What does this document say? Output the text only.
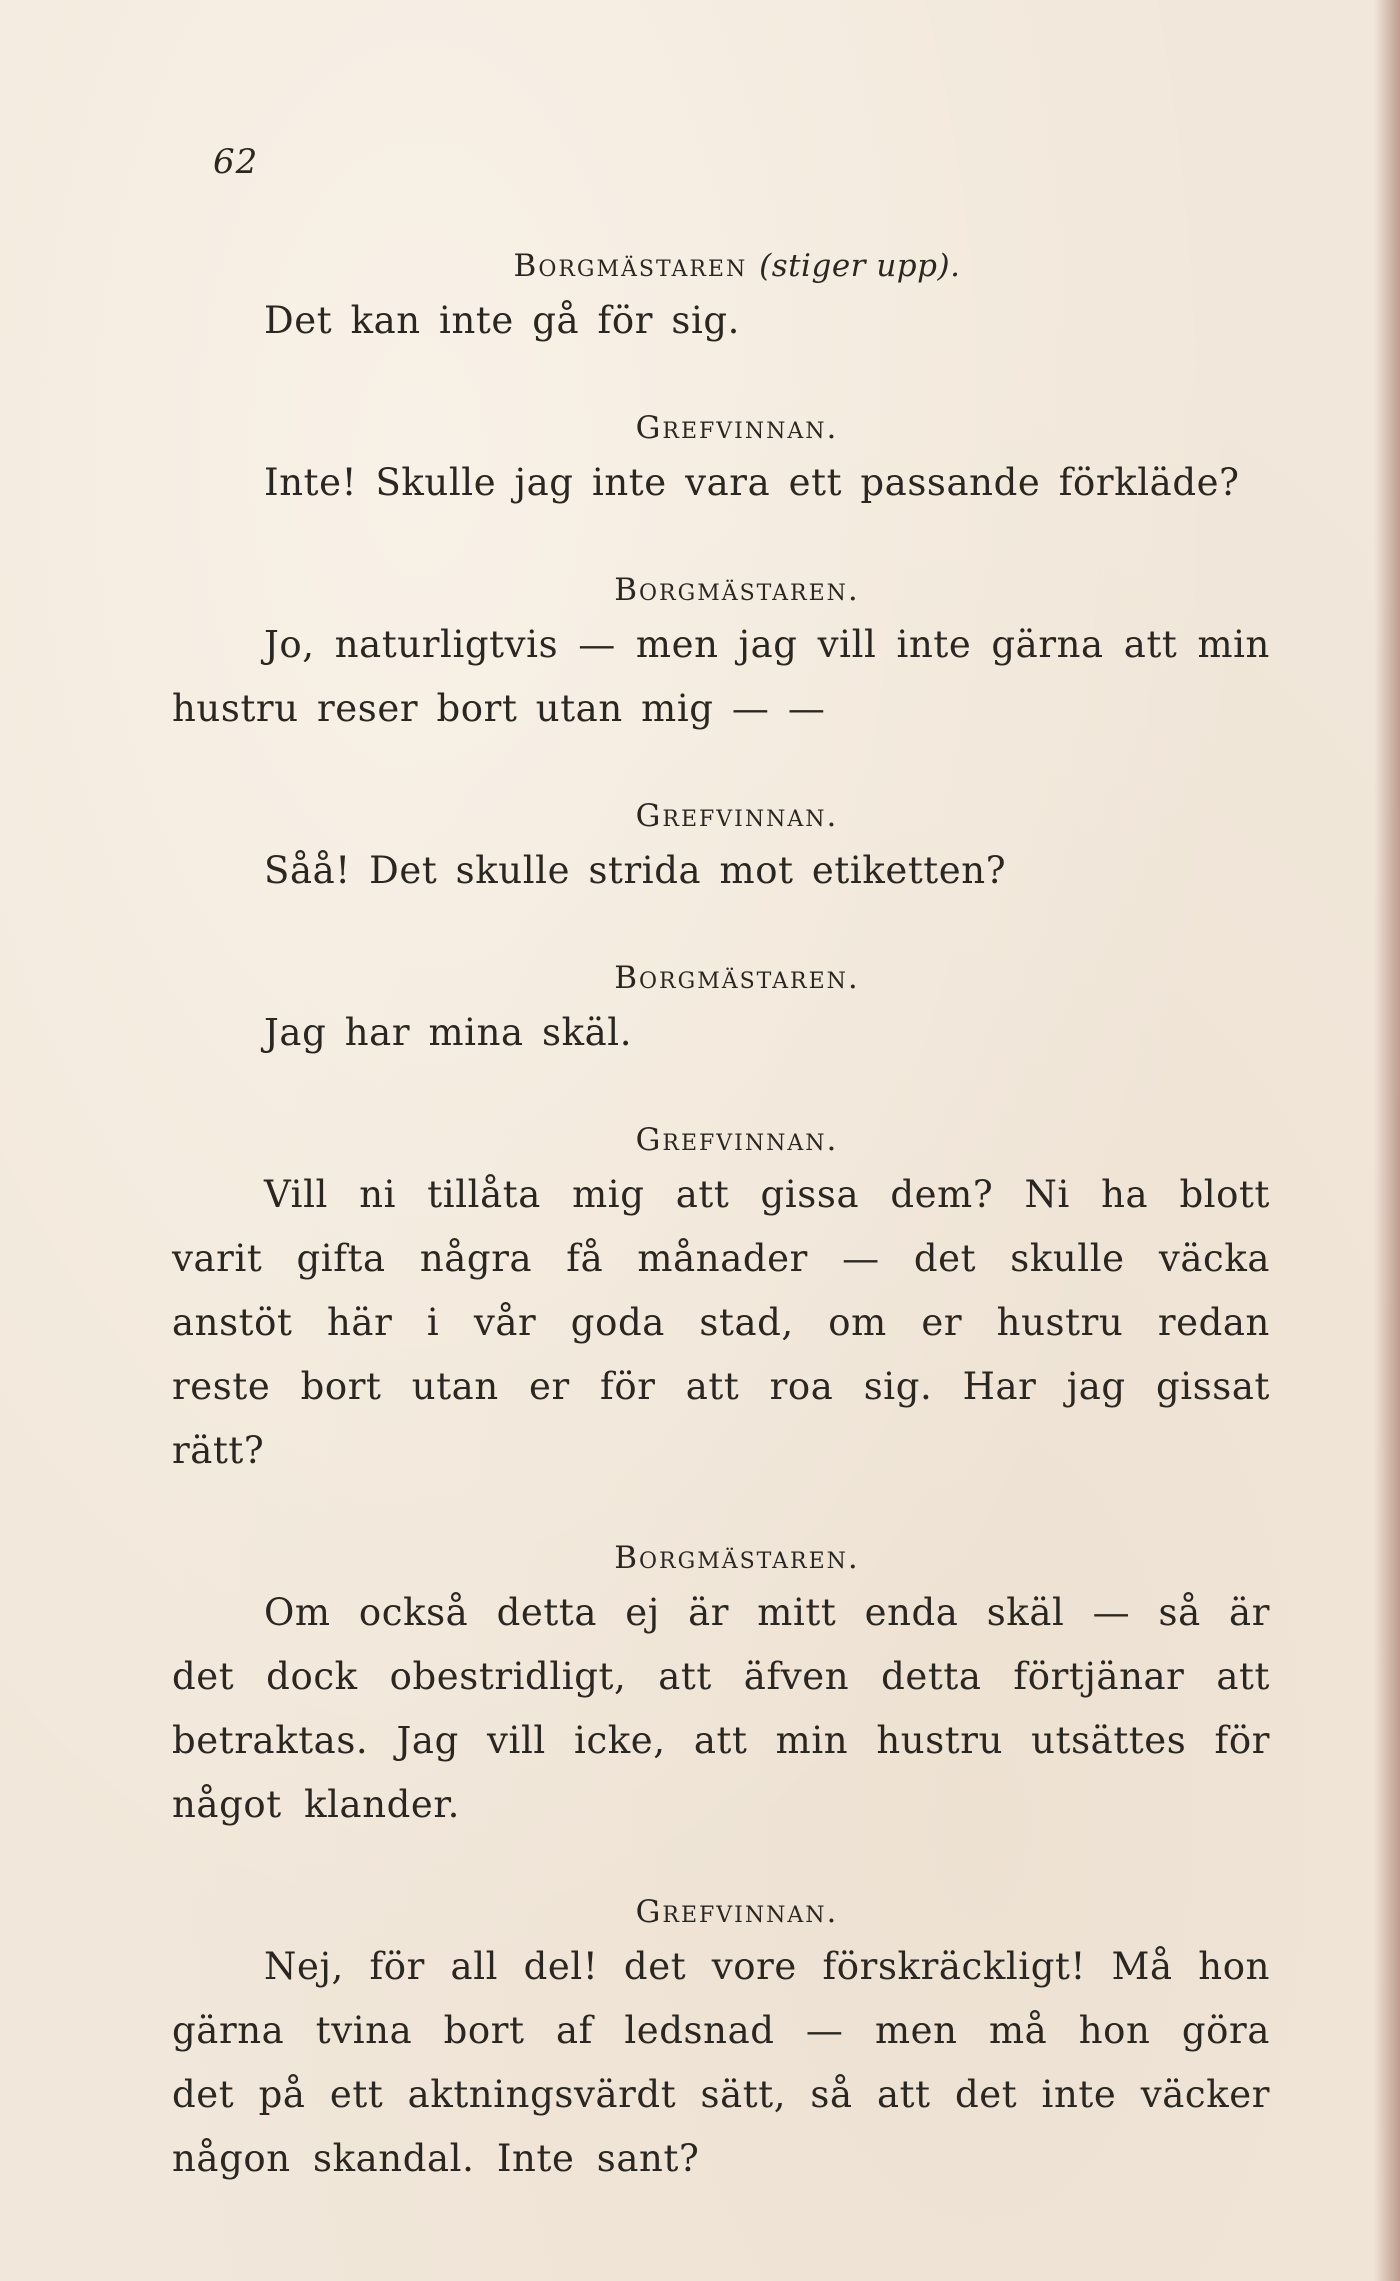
62
Borgmästaren (stiger upp).

Det kan inte gå för sig.

Grefvinnan.

Inte! Skulle jag inte vara ett passande förkläde?

Borgmästaren.

Jo, naturligtvis — men jag vill inte gärna att min hustru reser bort utan mig — —

Grefvinnan.

Såå! Det skulle strida mot etiketten?

Borgmästaren.

Jag har mina skäl.

Grefvinnan.

Vill ni tillåta mig att gissa dem? Ni ha blott varit gifta några få månader — det skulle väcka anstöt här i vår goda stad, om er hustru redan reste bort utan er för att roa sig. Har jag gissat rätt?

Borgmästaren.

Om också detta ej är mitt enda skäl — så är det dock obestridligt, att äfven detta förtjänar att betraktas. Jag vill icke, att min hustru utsättes för något klander.

Grefvinnan.

Nej, för all del! det vore förskräckligt! Må hon gärna tvina bort af ledsnad — men må hon göra det på ett aktningsvärdt sätt, så att det inte väcker någon skandal. Inte sant?
